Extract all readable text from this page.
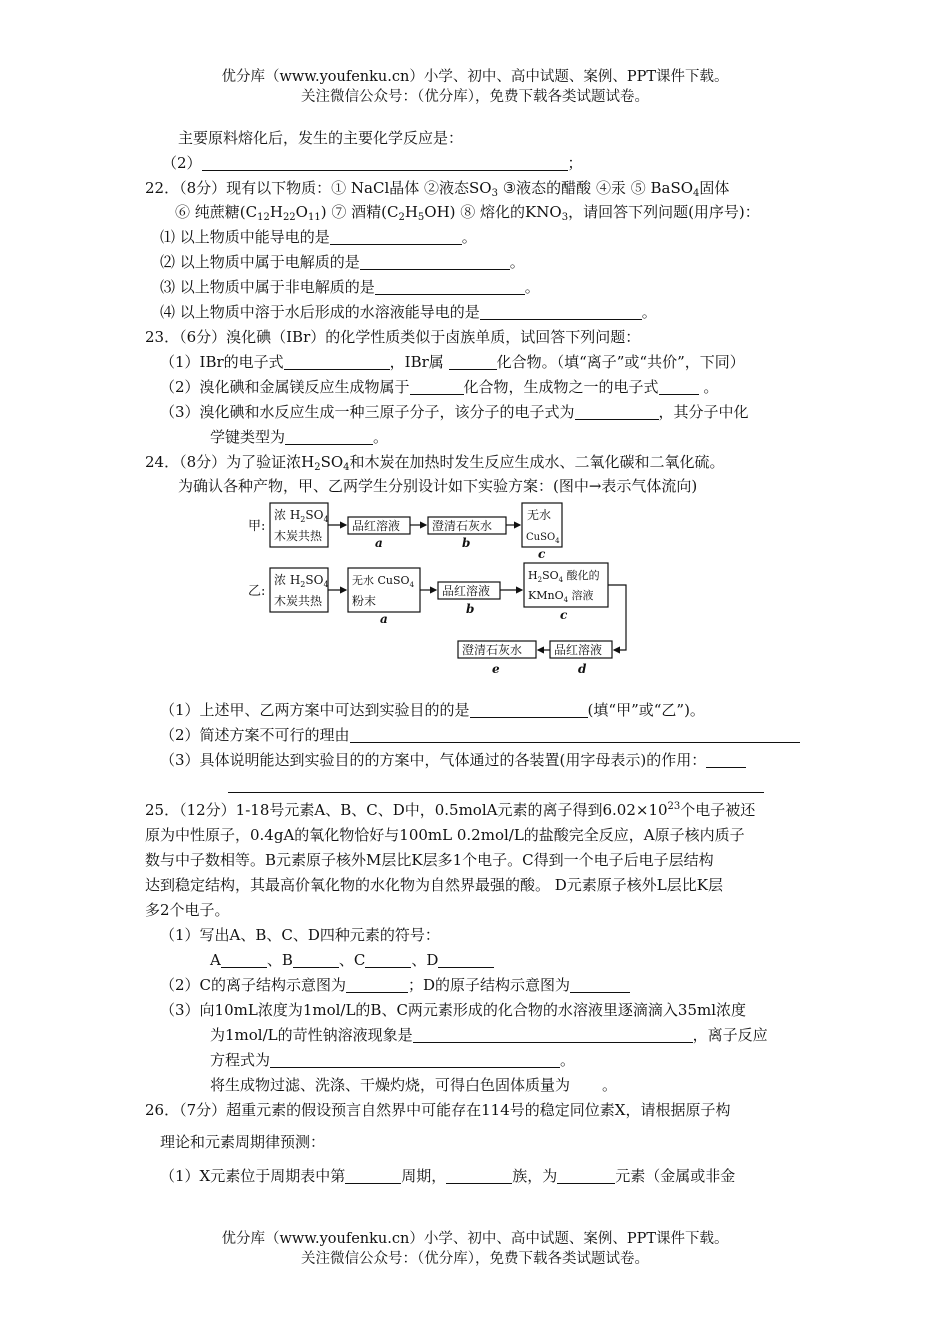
优分库（www.youfenku.cn）小学、初中、高中试题、案例、PPT课件下载。
关注微信公众号：（优分库），免费下载各类试题试卷。
主要原料熔化后，发生的主要化学反应是：
（2）	；
22．（8分）现有以下物质：① NaCl晶体 ②液态$SO_3$ ③液态的醋酸 ④汞 ⑤ BaSO$_4$固体
⑥ 纯蔗糖$(C_{12}H_{22}O_{11})$ ⑦ 酒精$(C_2H_5OH)$ ⑧ 熔化的$KNO_3$，请回答下列问题(用序号)：
⑴ 以上物质中能导电的是	。
⑵ 以上物质中属于电解质的是	。
⑶ 以上物质中属于非电解质的是	。
⑷ 以上物质中溶于水后形成的水溶液能导电的是	。
23．（6分）溴化碘（IBr）的化学性质类似于卤族单质，试回答下列问题：
（1）IBr的电子式	，IBr属	化合物。（填“离子”或“共价”，下同）
（2）溴化碘和金属镁反应生成物属于	化合物，生成物之一的电子式	。
（3）溴化碘和水反应生成一种三原子分子，该分子的电子式为	，其分子中化
学键类型为	。
24．（8分）为了验证浓$H_2SO_4$和木炭在加热时发生反应生成水、二氧化碳和二氧化硫。
为确认各种产物，甲、乙两学生分别设计如下实验方案：(图中→表示气体流向)
甲:
乙:
浓 $H_2SO_4$
木炭共热
品红溶液	澄清石灰水
无水
CuSO$_4$
a	b
c
浓 $H_2SO_4$
木炭共热
无水 CuSO$_4$
粉末
品红溶液
$H_2SO_4$ 酸化的
KMnO$_4$ 溶液
澄清石灰水	品红溶液
a
b	c
d
e
（1）上述甲、乙两方案中可达到实验目的的是	(填“甲”或“乙”)。
（2）简述方案不可行的理由
（3）具体说明能达到实验目的的方案中，气体通过的各装置(用字母表示)的作用：
25．（12分）1-18号元素A、B、C、D中，0.5molA元素的离子得到$6.02\times 10^{23}$个电子被还
原为中性原子，0.4gA的氧化物恰好与100mL 0.2mol/L的盐酸完全反应，A原子核内质子
数与中子数相等。B元素原子核外M层比K层多1个电子。C得到一个电子后电子层结构
达到稳定结构，其最高价氧化物的水化物为自然界最强的酸。 D元素原子核外L层比K层
多2个电子。
（1）写出A、B、C、D四种元素的符号：
A	、B	、C	、D
（2）C的离子结构示意图为	；D的原子结构示意图为
（3）向10mL浓度为1mol/L的B、C两元素形成的化合物的水溶液里逐滴滴入35ml浓度
为1mol/L的苛性钠溶液现象是	，离子反应
方程式为	。
将生成物过滤、洗涤、干燥灼烧，可得白色固体质量为 。
26．（7分）超重元素的假设预言自然界中可能存在114号的稳定同位素X，请根据原子构
理论和元素周期律预测：
（1）X元素位于周期表中第	周期，	族，为	元素（金属或非金
优分库（www.youfenku.cn）小学、初中、高中试题、案例、PPT课件下载。
关注微信公众号：（优分库），免费下载各类试题试卷。
